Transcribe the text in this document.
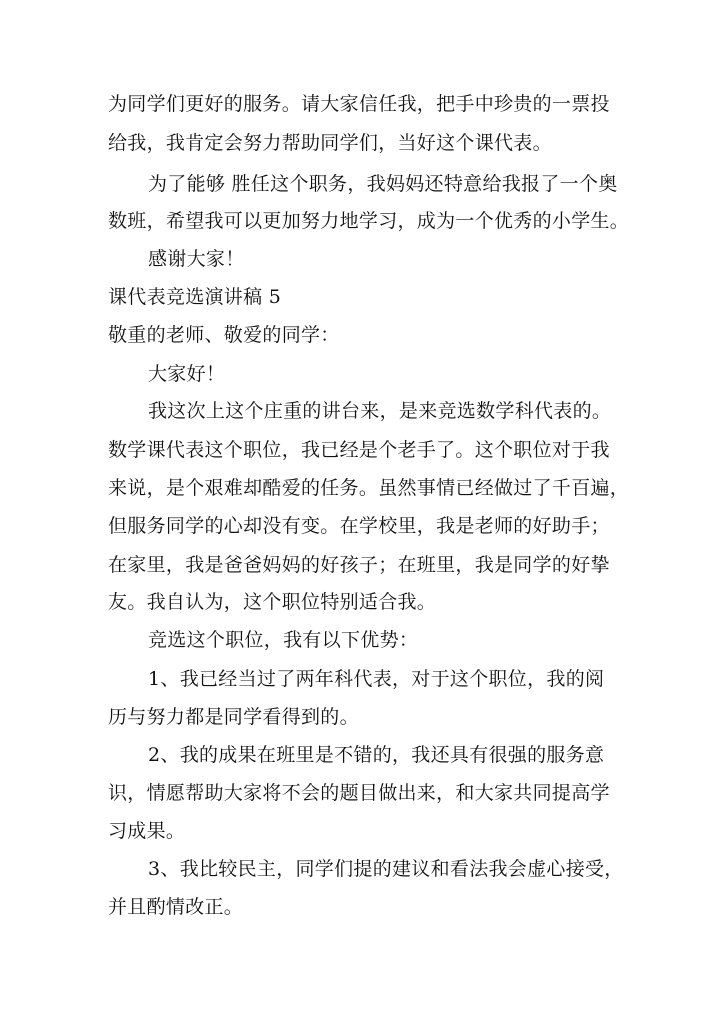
为同学们更好的服务。请大家信任我，把手中珍贵的一票投
给我，我肯定会努力帮助同学们，当好这个课代表。
为了能够 胜任这个职务，我妈妈还特意给我报了一个奥
数班，希望我可以更加努力地学习，成为一个优秀的小学生。
感谢大家！
课代表竞选演讲稿 5
敬重的老师、敬爱的同学：
大家好！
我这次上这个庄重的讲台来，是来竞选数学科代表的。
数学课代表这个职位，我已经是个老手了。这个职位对于我
来说，是个艰难却酷爱的任务。虽然事情已经做过了千百遍，
但服务同学的心却没有变。在学校里，我是老师的好助手；
在家里，我是爸爸妈妈的好孩子；在班里，我是同学的好挚
友。我自认为，这个职位特别适合我。
竞选这个职位，我有以下优势：
1、我已经当过了两年科代表，对于这个职位，我的阅
历与努力都是同学看得到的。
2、我的成果在班里是不错的，我还具有很强的服务意
识，情愿帮助大家将不会的题目做出来，和大家共同提高学
习成果。
3、我比较民主，同学们提的建议和看法我会虚心接受，
并且酌情改正。
